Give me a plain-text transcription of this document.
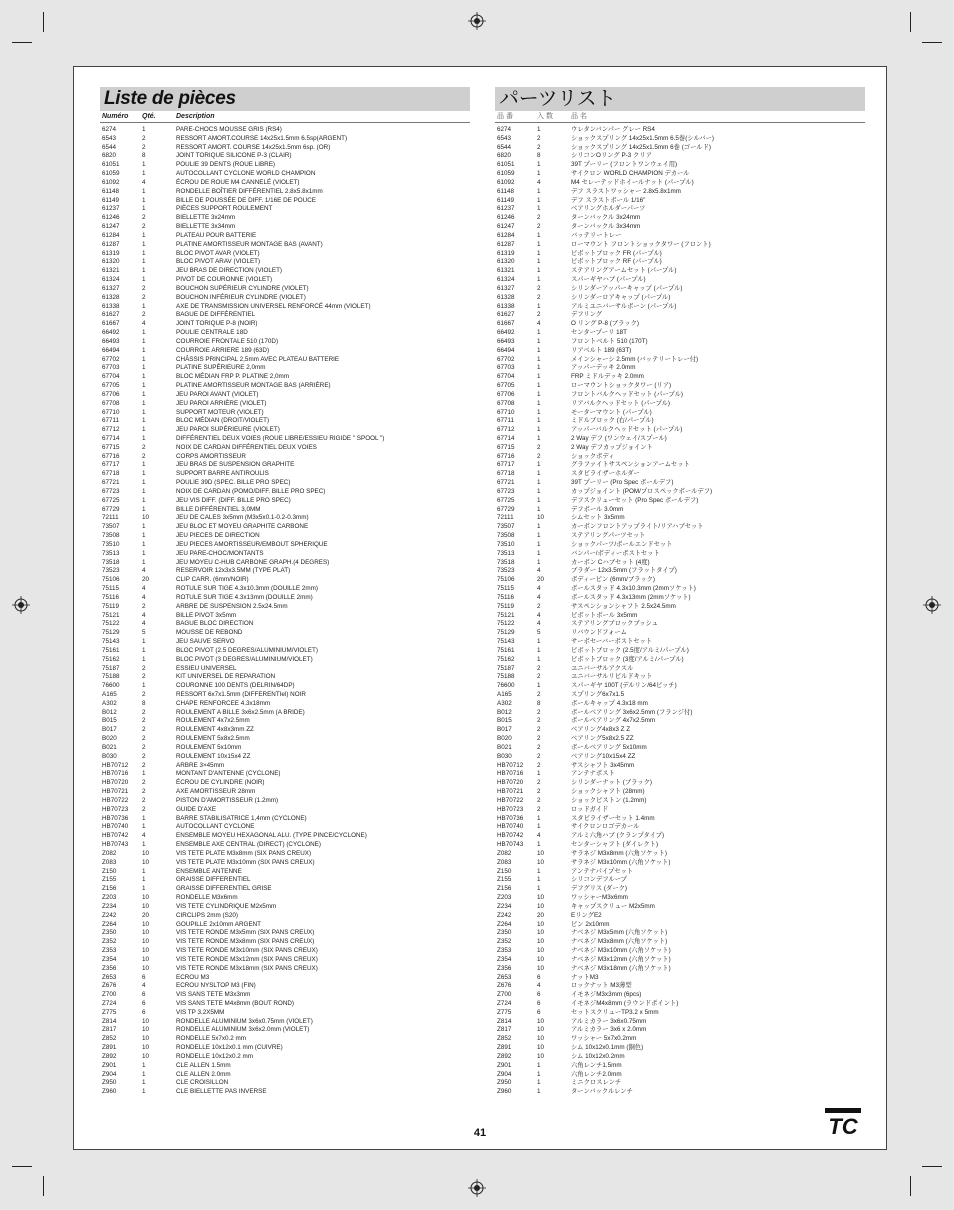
Liste de pièces
Numéro Qté.	Description
6274	1	PARE-CHOCS MOUSSE GRIS (RS4)
6543	2	RESSORT AMORT.COURSE 14x25x1.5mm 6.5sp(ARGENT)
6544	2	RESSORT AMORT. COURSE 14x25x1.5mm 6sp. (OR)
6820	8	JOINT TORIQUE SILICONE P-3 (CLAIR)
61051	1	POULIE 39 DENTS (ROUE LIBRE)
61059	1	AUTOCOLLANT CYCLONE WORLD CHAMPION
61092	4	ÉCROU DE ROUE M4 CANNELÉ (VIOLET)
61148	1	RONDELLE BOÎTIER DIFFÉRENTIEL 2.8x5.8x1mm
61149	1	BILLE DE POUSSÉE DE DIFF. 1/16E DE POUCE
61237	1	PIÈCES SUPPORT ROULEMENT
61246	2	BIELLETTE 3x24mm
61247	2	BIELLETTE 3x34mm
61284	1	PLATEAU POUR BATTERIE
61287	1	PLATINE AMORTISSEUR MONTAGE BAS (AVANT)
61319	1	BLOC PIVOT AVAR (VIOLET)
61320	1	BLOC PIVOT ARAV (VIOLET)
61321	1	JEU BRAS DE DIRECTION (VIOLET)
61324	1	PIVOT DE COURONNE (VIOLET)
61327	2	BOUCHON SUPÉRIEUR CYLINDRE (VIOLET)
61328	2	BOUCHON INFÉRIEUR CYLINDRE (VIOLET)
61338	1	AXE DE TRANSMISSION UNIVERSEL RENFORCÉ 44mm (VIOLET)
61627	2	BAGUE DE DIFFÉRENTIEL
61667	4	JOINT TORIQUE P-8 (NOIR)
66492	1	POULIE CENTRALE 18D
66493	1	COURROIE FRONTALE 510 (170D)
66494	1	COURROIE ARRIERE 189 (63D)
67702	1	CHÂSSIS PRINCIPAL 2,5mm AVEC PLATEAU BATTERIE
67703	1	PLATINE SUPÉRIEURE 2,0mm
67704	1	BLOC MÉDIAN FRP P. PLATINE 2,0mm
67705	1	PLATINE AMORTISSEUR MONTAGE BAS (ARRIÈRE)
67706	1	JEU PAROI AVANT (VIOLET)
67708	1	JEU PAROI ARRIÈRE (VIOLET)
67710	1	SUPPORT MOTEUR (VIOLET)
67711	1	BLOC MÉDIAN (DROIT/VIOLET)
67712	1	JEU PAROI SUPÉRIEURE (VIOLET)
67714	1	DIFFÉRENTIEL DEUX VOIES (ROUE LIBRE/ESSIEU RIGIDE " SPOOL ")
67715	2	NOIX DE CARDAN DIFFÉRENTIEL DEUX VOIES
67716	2	CORPS AMORTISSEUR
67717	1	JEU BRAS DE SUSPENSION GRAPHITE
67718	1	SUPPORT BARRE ANTIROULIS
67721	1	POULIE 39D (SPEC. BILLE PRO SPEC)
67723	1	NOIX DE CARDAN (POMO/DIFF. BILLE PRO SPEC)
67725	1	JEU VIS DIFF. (DIFF. BILLE PRO SPEC)
67729	1	BILLE DIFFÉRENTIEL 3,0MM
72111	10	JEU DE CALES 3x5mm (M3x5x0.1-0.2-0.3mm)
73507	1	JEU BLOC ET MOYEU GRAPHITE CARBONE
73508	1	JEU PIECES DE DIRECTION
73510	1	JEU PIECES AMORTISSEUR/EMBOUT SPHERIQUE
73513	1	JEU PARE-CHOC/MONTANTS
73518	1	JEU MOYEU C-HUB CARBONE GRAPH.(4 DEGRES)
73523	4	RESERVOIR 12x3x3.5MM (TYPE PLAT)
75106	20	CLIP CARR. (6mm/NOIR)
75115	4	ROTULE SUR TIGE 4.3x10.3mm (DOUILLE 2mm)
75116	4	ROTULE SUR TIGE 4.3x13mm (DOUILLE 2mm)
75119	2	ARBRE DE SUSPENSION 2.5x24.5mm
75121	4	BILLE PIVOT 3x5mm
75122	4	BAGUE BLOC DIRECTION
75129	5	MOUSSE DE REBOND
75143	1	JEU SAUVE SERVO
75161	1	BLOC PIVOT (2.5 DEGRES/ALUMINIUM/VIOLET)
75162	1	BLOC PIVOT (3 DEGRES/ALUMINIUM/VIOLET)
75187	2	ESSIEU UNIVERSEL
75188	2	KIT UNIVERSEL DE REPARATION
76600	1	COURONNE 100 DENTS (DELRIN/64DP)
A165	2	RESSORT 6x7x1.5mm (DIFFERENTIel) NOIR
A302	8	CHAPE RENFORCEE 4.3x18mm
B012	2	ROULEMENT A BILLE 3x6x2.5mm (A BRIDE)
B015	2	ROULEMENT 4x7x2.5mm
B017	2	ROULEMENT 4x8x3mm ZZ
B020	2	ROULEMENT 5x8x2.5mm
B021	2	ROULEMENT 5x10mm
B030	2	ROULEMENT 10x15x4 ZZ
HB70712 2	ARBRE 3×45mm
HB70716 1	MONTANT D'ANTENNE (CYCLONE)
HB70720 2	ÉCROU DE CYLINDRE (NOIR)
HB70721 2	AXE AMORTISSEUR 28mm
HB70722 2	PISTON D'AMORTISSEUR (1.2mm)
HB70723 2	GUIDE D'AXE
HB70736 1	BARRE STABILISATRICE 1,4mm (CYCLONE)
HB70740 1	AUTOCOLLANT CYCLONE
HB70742 4	ENSEMBLE MOYEU HEXAGONAL ALU. (TYPE PINCE/CYCLONE)
HB70743 1	ENSEMBLE AXE CENTRAL (DIRECT) (CYCLONE)
Z082	10	VIS TETE PLATE M3x8mm (SIX PANS CREUX)
Z083	10	VIS TETE PLATE M3x10mm (SIX PANS CREUX)
Z150	1	ENSEMBLE ANTENNE
Z155	1	GRAISSE DIFFERENTIEL
Z156	1	GRAISSE DIFFERENTIEL GRISE
Z203	10	RONDELLE M3x6mm
Z234	10	VIS TETE CYLINDRIQUE M2x5mm
Z242	20	CIRCLIPS 2mm (S20)
Z264	10	GOUPILLE 2x10mm ARGENT
Z350	10	VIS TETE RONDE M3x5mm (SIX PANS CREUX)
Z352	10	VIS TETE RONDE M3x8mm (SIX PANS CREUX)
Z353	10	VIS TETE RONDE M3x10mm (SIX PANS CREUX)
Z354	10	VIS TETE RONDE M3x12mm (SIX PANS CREUX)
Z356	10	VIS TETE RONDE M3x18mm (SIX PANS CREUX)
Z653	6	ECROU M3
Z676	4	ECROU NYSLTOP M3 (FIN)
Z700	6	VIS SANS TETE M3x3mm
Z724	6	VIS SANS TETE M4x8mm (BOUT ROND)
Z775	6	VIS TP 3.2X5MM
Z814	10	RONDELLE ALUMINIUM 3x6x0.75mm (VIOLET)
Z817	10	RONDELLE ALUMINIUM 3x6x2.0mm (VIOLET)
Z852	10	RONDELLE 5x7x0.2 mm
Z891	10	RONDELLE 10x12x0.1 mm (CUIVRE)
Z892	10	RONDELLE 10x12x0.2 mm
Z901	1	CLE ALLEN 1.5mm
Z904	1	CLE ALLEN 2.0mm
Z950	1	CLE CROISILLON
Z960	1	CLE BIELLETTE PAS INVERSE
パーツリスト
品 番	入 数	品 名
6274	1	ウレタンバンパー グレー RS4
6543	2	ショックスプリング 14x25x1.5mm 6.5巻(シルバー)
6544	2	ショックスプリング 14x25x1.5mm 6巻 (ゴールド)
6820	8	シリコンOリング P-3 クリア
61051	1	39T プーリー (フロントワンウェイ用)
61059	1	サイクロン WORLD CHAMPION デカール
61092	4	M4 セレーテッドホイールナット (パープル)
61148	1	デフ スラストワッシャー 2.8x5.8x1mm
61149	1	デフ スラストボール 1/16"
61237	1	ベアリングホルダーパーツ
61246	2	ターンバックル 3x24mm
61247	2	ターンバックル 3x34mm
61284	1	バッテリートレー
61287	1	ローマウント フロントショックタワー (フロント)
61319	1	ピボットブロック FR (パープル)
61320	1	ピボットブロック RF (パープル)
61321	1	ステアリングアームセット (パープル)
61324	1	スパーギヤハブ (パープル)
61327	2	シリンダーアッパーキャップ (パープル)
61328	2	シリンダーロアキャップ (パープル)
61338	1	アルミユニバーサルボーン (パープル)
61627	2	デフリング
61667	4	O リング P-8 (ブラック)
66492	1	センタープーリ 18T
66493	1	フロントベルト 510 (170T)
66494	1	リアベルト 189 (63T)
67702	1	メインシャーシ 2.5mm (バッテリートレー付)
67703	1	アッパーデッキ 2.0mm
67704	1	FRP ミドルデッキ 2.0mm
67705	1	ローマウントショックタワー (リア)
67706	1	フロントバルクヘッドセット (パープル)
67708	1	リアバルクヘッドセット (パープル)
67710	1	モーターマウント (パープル)
67711	1	ミドルブロック (右/パープル)
67712	1	アッパーバルクヘッドセット (パープル)
67714	1	2 Way デフ (ワンウェイ/スプール)
67715	2	2 Way デフカップジョイント
67716	2	ショックボディ
67717	1	グラファイトサスペンションアームセット
67718	1	スタビライザーホルダー
67721	1	39T プーリー (Pro Spec ボールデフ)
67723	1	カップジョイント (POM/プロスペックボールデフ)
67725	1	デフスクリューセット (Pro Spec ボールデフ)
67729	1	デフボール 3.0mm
72111	10	シムセット 3x5mm
73507	1	カーボンフロントアップライト/リアハブセット
73508	1	ステアリングパーツセット
73510	1	ショックパーツ/ボールエンドセット
73513	1	バンパー/ボディーポストセット
73518	1	カーボン Cハブセット (4度)
73523	4	ブラダー 12x3.5mm (フラットタイプ)
75106	20	ボディーピン (6mm/ブラック)
75115	4	ボールスタッド 4.3x10.3mm (2mmソケット)
75116	4	ボールスタッド 4.3x13mm (2mmソケット)
75119	2	サスペンションシャフト 2.5x24.5mm
75121	4	ピボットボール 3x5mm
75122	4	ステアリングブロックブッシュ
75129	5	リバウンドフォーム
75143	1	サーボセーバーポストセット
75161	1	ピボットブロック (2.5度/アルミ/パープル)
75162	1	ピボットブロック (3度/アルミ/パープル)
75187	2	ユニバーサルアクスル
75188	2	ユニバーサルリビルドキット
76600	1	スパーギヤ 100T (デルリン/64ピッチ)
A165	2	スプリング6x7x1.5
A302	8	ボールキャップ 4.3x18 mm
B012	2	ボールベアリング 3x6x2.5mm (フランジ付)
B015	2	ボールベアリング 4x7x2.5mm
B017	2	ベアリング4x8x3 Z Z
B020	2	ベアリング5x8x2.5 ZZ
B021	2	ボールベアリング 5x10mm
B030	2	ベアリング10x15x4 ZZ
HB70712 2	サスシャフト 3x45mm
HB70716 1	アンテナポスト
HB70720 2	シリンダーナット (ブラック)
HB70721 2	ショックシャフト (28mm)
HB70722 2	ショックピストン (1.2mm)
HB70723 2	ロッドガイド
HB70736 1	スタビライザーセット 1.4mm
HB70740 1	サイクロンロゴデカール
HB70742 4	アルミ六角ハブ (クランプタイプ)
HB70743 1	センターシャフト (ダイレクト)
Z082	10	サラネジ M3x8mm (六角ソケット)
Z083	10	サラネジ M3x10mm (六角ソケット)
Z150	1	アンテナパイプセット
Z155	1	シリコンデフループ
Z156	1	デフグリス (ダーク)
Z203	10	ワッシャーM3x6mm
Z234	10	キャップスクリュー M2x5mm
Z242	20	EリングE2
Z264	10	ピン 2x10mm
Z350	10	ナベネジ M3x5mm (六角ソケット)
Z352	10	ナベネジ M3x8mm (六角ソケット)
Z353	10	ナベネジ M3x10mm (六角ソケット)
Z354	10	ナベネジ M3x12mm (六角ソケット)
Z356	10	ナベネジ M3x18mm (六角ソケット)
Z653	6	ナットM3
Z676	4	ロックナット M3薄型
Z700	6	イモネジM3x3mm (6pcs)
Z724	6	イモネジM4x8mm (ラウンドポイント)
Z775	6	セットスクリューTP3.2 x 5mm
Z814	10	アルミカラー 3x6x0.75mm
Z817	10	アルミカラー 3x6 x 2.0mm
Z852	10	ワッシャー 5x7x0.2mm
Z891	10	シム 10x12x0.1mm (銅色)
Z892	10	シム 10x12x0.2mm
Z901	1	六角レンチ1.5mm
Z904	1	六角レンチ2.0mm
Z950	1	ミニクロスレンチ
Z960	1	ターンバックルレンチ
41	TC
